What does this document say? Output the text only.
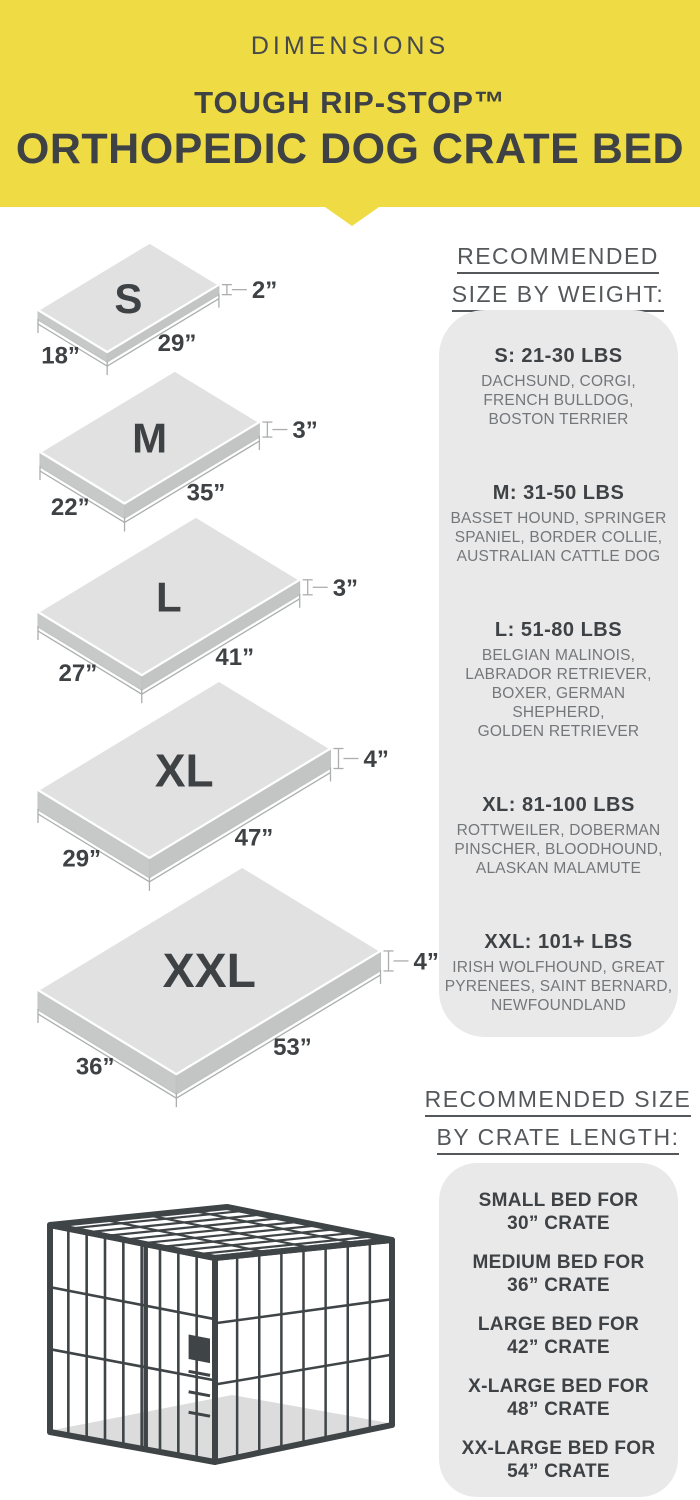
DIMENSIONS
TOUGH RIP-STOP™
ORTHOPEDIC DOG CRATE BED
S
18”	29”
2”
M
22”
35”
3”
L
27”
41”
3”
XL
29”
47”
4”
XXL
36”
53”
4”
RECOMMENDED
SIZE BY WEIGHT:
S: 21-30 LBS
DACHSUND, CORGI,
FRENCH BULLDOG,
BOSTON TERRIER
M: 31-50 LBS
BASSET HOUND, SPRINGER
SPANIEL, BORDER COLLIE,
AUSTRALIAN CATTLE DOG
L: 51-80 LBS
BELGIAN MALINOIS,
LABRADOR RETRIEVER,
BOXER, GERMAN
SHEPHERD,
GOLDEN RETRIEVER
XL: 81-100 LBS
ROTTWEILER, DOBERMAN
PINSCHER, BLOODHOUND,
ALASKAN MALAMUTE
XXL: 101+ LBS
IRISH WOLFHOUND, GREAT
PYRENEES, SAINT BERNARD,
NEWFOUNDLAND
RECOMMENDED SIZE
BY CRATE LENGTH:
SMALL BED FOR
30” CRATE
MEDIUM BED FOR
36” CRATE
LARGE BED FOR
42” CRATE
X-LARGE BED FOR
48” CRATE
XX-LARGE BED FOR
54” CRATE
